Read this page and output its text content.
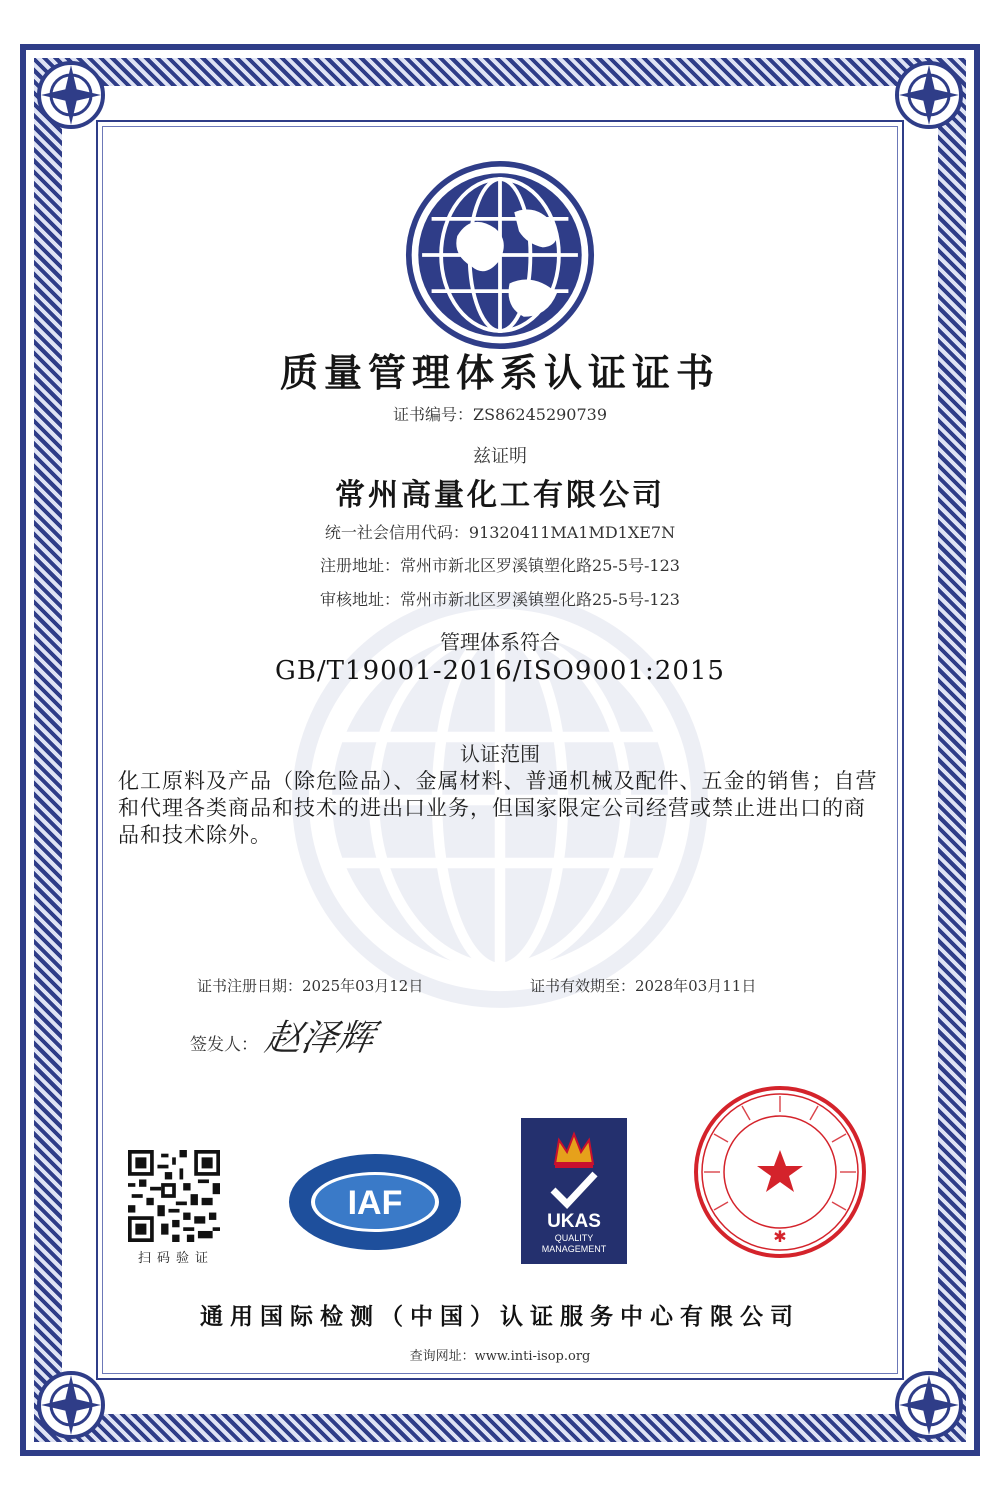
质量管理体系认证证书
证书编号：ZS86245290739
兹证明
常州高量化工有限公司
统一社会信用代码：91320411MA1MD1XE7N
注册地址：常州市新北区罗溪镇塑化路25-5号-123
审核地址：常州市新北区罗溪镇塑化路25-5号-123
管理体系符合
GB/T19001-2016/ISO9001:2015
认证范围
化工原料及产品（除危险品）、金属材料、普通机械及配件、五金的销售；自营和代理各类商品和技术的进出口业务，但国家限定公司经营或禁止进出口的商品和技术除外。
证书注册日期：2025年03月12日	证书有效期至：2028年03月11日
签发人： 赵泽辉
扫码验证
IAF	UKAS
QUALITY
MANAGEMENT
✱
通用国际检测（中国）认证服务中心有限公司
查询网址：www.inti-isop.org
